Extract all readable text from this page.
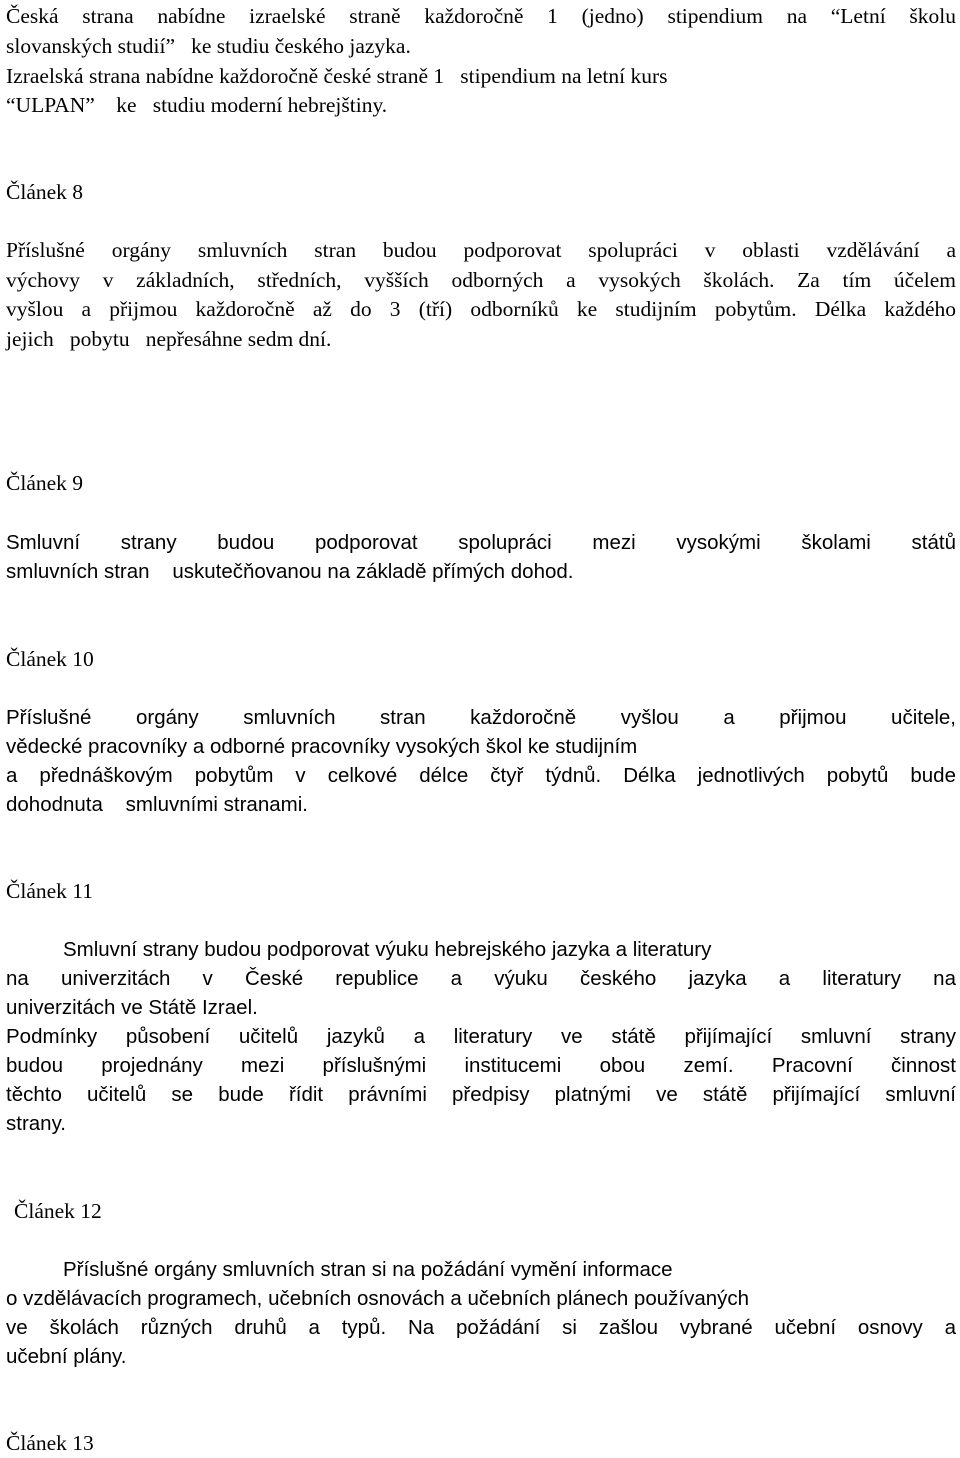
Česká strana nabídne izraelské straně každoročně 1 (jedno) stipendium na “Letní školu
slovanských studií”   ke studiu českého jazyka.
Izraelská strana nabídne každoročně české straně 1   stipendium na letní kurs
“ULPAN”    ke   studiu moderní hebrejštiny.
Článek 8
Příslušné orgány smluvních stran budou podporovat spolupráci v oblasti vzdělávání a
výchovy v základních, středních, vyšších odborných a vysokých školách. Za tím účelem
vyšlou a přijmou každoročně až do 3 (tří) odborníků ke studijním pobytům. Délka každého
jejich   pobytu   nepřesáhne sedm dní.
Článek 9
Smluvní strany budou podporovat spolupráci mezi vysokými školami států
smluvních stran    uskutečňovanou na základě přímých dohod.
Článek 10
Příslušné orgány smluvních stran každoročně vyšlou a přijmou učitele,
vědecké pracovníky a odborné pracovníky vysokých škol ke studijním
a přednáškovým pobytům v celkové délce čtyř týdnů. Délka jednotlivých pobytů bude
dohodnuta    smluvními stranami.
Článek 11
Smluvní strany budou podporovat výuku hebrejského jazyka a literatury
na univerzitách v České republice a výuku českého jazyka a literatury na
univerzitách ve Státě Izrael.
Podmínky působení učitelů jazyků a literatury ve státě přijímající smluvní strany
budou projednány mezi příslušnými institucemi obou zemí. Pracovní činnost
těchto učitelů se bude řídit právními předpisy platnými ve státě přijímající smluvní
strany.
Článek 12
Příslušné orgány smluvních stran si na požádání vymění informace
o vzdělávacích programech, učebních osnovách a učebních plánech používaných
ve školách různých druhů a typů. Na požádání si zašlou vybrané učební osnovy a
učební plány.
Článek 13
